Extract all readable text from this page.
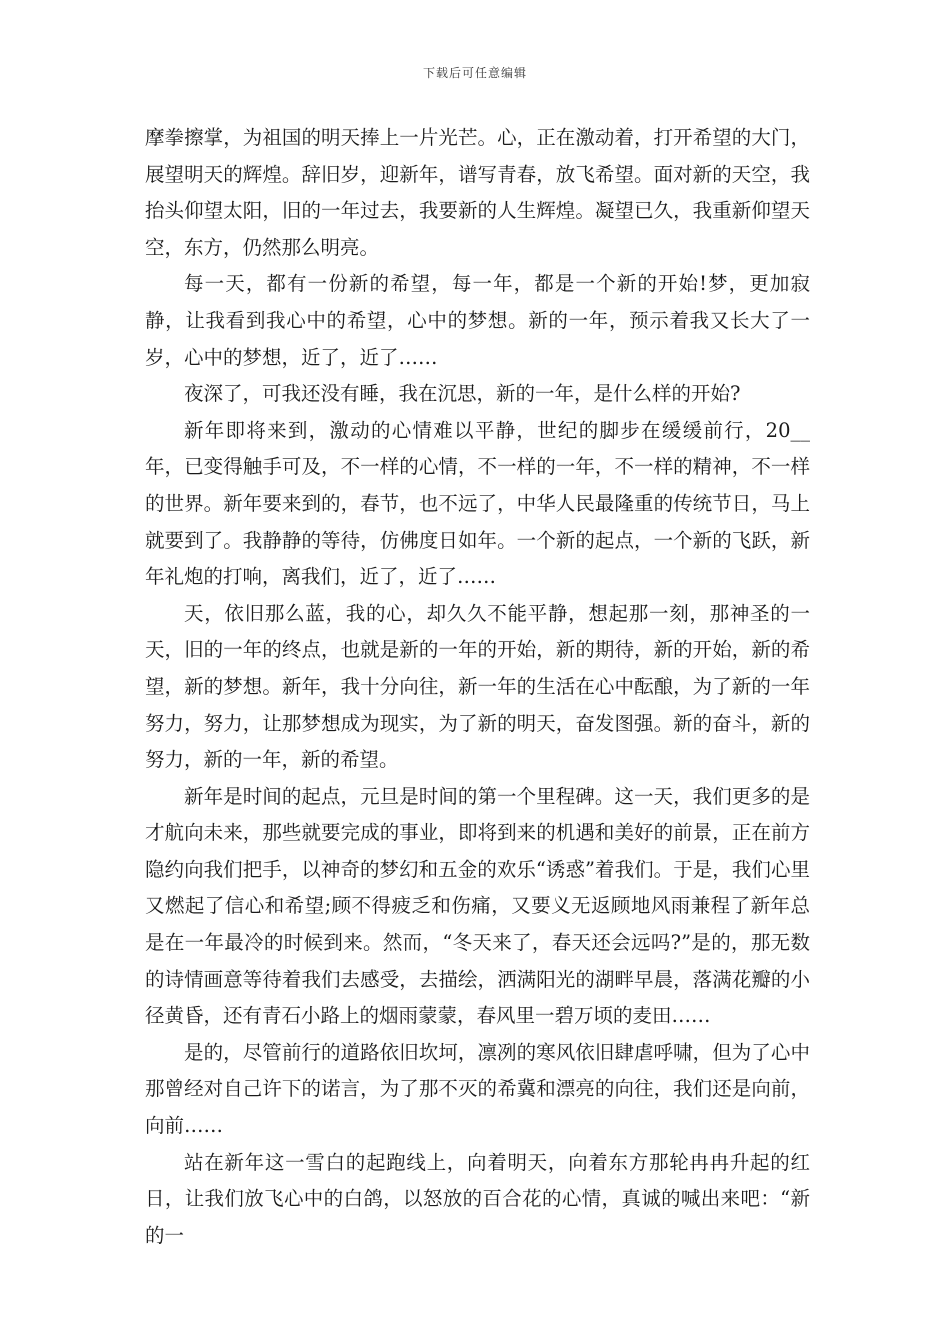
下载后可任意编辑

摩拳擦掌，为祖国的明天捧上一片光芒。心，正在激动着，打开希望的大门，展望明天的辉煌。辞旧岁，迎新年，谱写青春，放飞希望。面对新的天空，我抬头仰望太阳，旧的一年过去，我要新的人生辉煌。凝望已久，我重新仰望天空，东方，仍然那么明亮。

每一天，都有一份新的希望，每一年，都是一个新的开始!梦，更加寂静，让我看到我心中的希望，心中的梦想。新的一年，预示着我又长大了一岁，心中的梦想，近了，近了……

夜深了，可我还没有睡，我在沉思，新的一年，是什么样的开始?

新年即将来到，激动的心情难以平静，世纪的脚步在缓缓前行，20__年，已变得触手可及，不一样的心情，不一样的一年，不一样的精神，不一样的世界。新年要来到的，春节，也不远了，中华人民最隆重的传统节日，马上就要到了。我静静的等待，仿佛度日如年。一个新的起点，一个新的飞跃，新年礼炮的打响，离我们，近了，近了……

天，依旧那么蓝，我的心，却久久不能平静，想起那一刻，那神圣的一天，旧的一年的终点，也就是新的一年的开始，新的期待，新的开始，新的希望，新的梦想。新年，我十分向往，新一年的生活在心中酝酿，为了新的一年努力，努力，让那梦想成为现实，为了新的明天，奋发图强。新的奋斗，新的努力，新的一年，新的希望。

新年是时间的起点，元旦是时间的第一个里程碑。这一天，我们更多的是才航向未来，那些就要完成的事业，即将到来的机遇和美好的前景，正在前方隐约向我们把手，以神奇的梦幻和五金的欢乐“诱惑”着我们。于是，我们心里又燃起了信心和希望;顾不得疲乏和伤痛，又要义无返顾地风雨兼程了新年总是在一年最冷的时候到来。然而，“冬天来了，春天还会远吗?”是的，那无数的诗情画意等待着我们去感受，去描绘，洒满阳光的湖畔早晨，落满花瓣的小径黄昏，还有青石小路上的烟雨蒙蒙，春风里一碧万顷的麦田……

是的，尽管前行的道路依旧坎坷，凛冽的寒风依旧肆虐呼啸，但为了心中那曾经对自己许下的诺言，为了那不灭的希冀和漂亮的向往，我们还是向前，向前……

站在新年这一雪白的起跑线上，向着明天，向着东方那轮冉冉升起的红日，让我们放飞心中的白鸽，以怒放的百合花的心情，真诚的喊出来吧：“新的一
